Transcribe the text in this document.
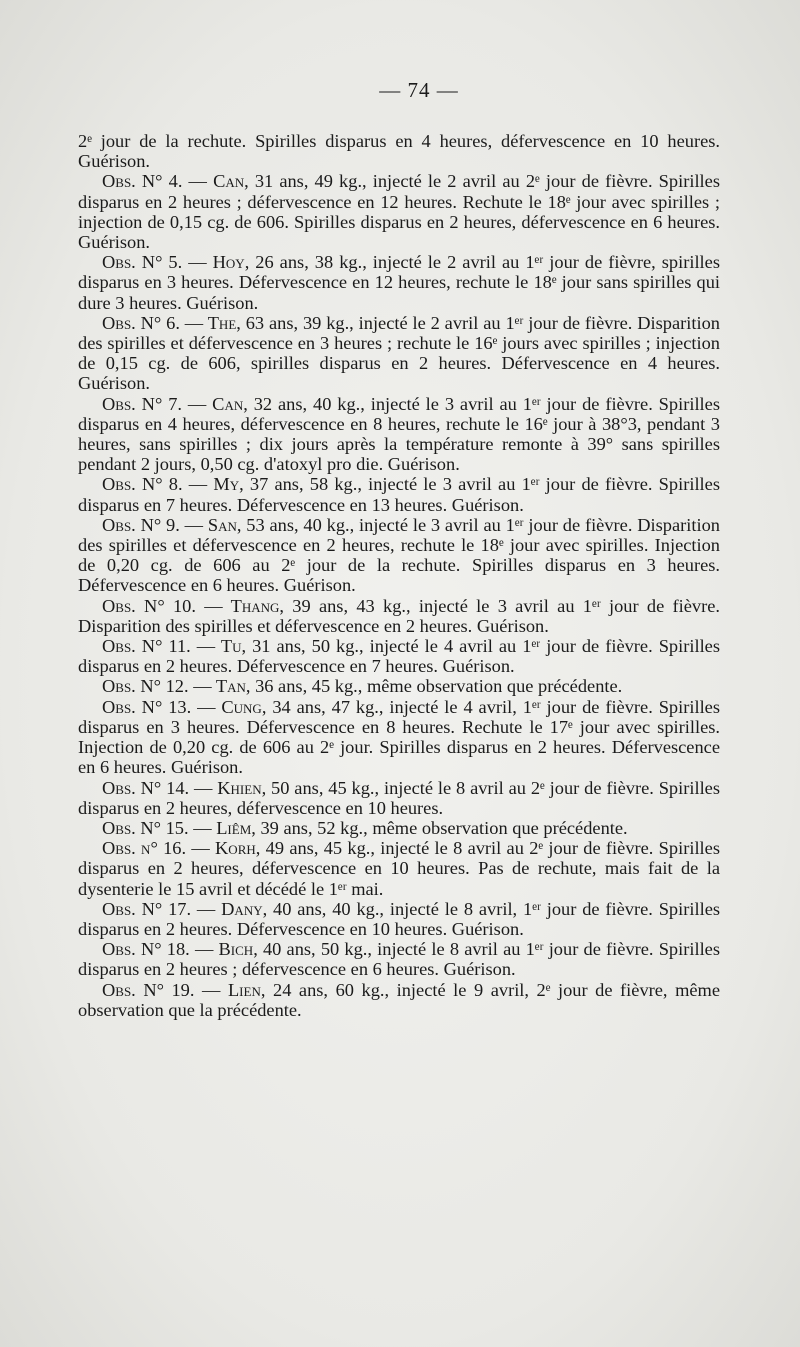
— 74 —

2ᵉ jour de la rechute. Spirilles disparus en 4 heures, défervescence en 10 heures. Guérison.

Obs. N° 4. — Can, 31 ans, 49 kg., injecté le 2 avril au 2ᵉ jour de fièvre. Spirilles disparus en 2 heures ; défervescence en 12 heures. Rechute le 18ᵉ jour avec spirilles ; injection de 0,15 cg. de 606. Spirilles disparus en 2 heures, défervescence en 6 heures. Guérison.

Obs. N° 5. — Hoy, 26 ans, 38 kg., injecté le 2 avril au 1ᵉʳ jour de fièvre, spirilles disparus en 3 heures. Défervescence en 12 heures, rechute le 18ᵉ jour sans spirilles qui dure 3 heures. Guérison.

Obs. N° 6. — The, 63 ans, 39 kg., injecté le 2 avril au 1ᵉʳ jour de fièvre. Disparition des spirilles et défervescence en 3 heures ; rechute le 16ᵉ jours avec spirilles ; injection de 0,15 cg. de 606, spirilles disparus en 2 heures. Défervescence en 4 heures. Guérison.

Obs. N° 7. — Can, 32 ans, 40 kg., injecté le 3 avril au 1ᵉʳ jour de fièvre. Spirilles disparus en 4 heures, défervescence en 8 heures, rechute le 16ᵉ jour à 38°3, pendant 3 heures, sans spirilles ; dix jours après la température remonte à 39° sans spirilles pendant 2 jours, 0,50 cg. d'atoxyl pro die. Guérison.

Obs. N° 8. — My, 37 ans, 58 kg., injecté le 3 avril au 1ᵉʳ jour de fièvre. Spirilles disparus en 7 heures. Défervescence en 13 heures. Guérison.

Obs. N° 9. — San, 53 ans, 40 kg., injecté le 3 avril au 1ᵉʳ jour de fièvre. Disparition des spirilles et défervescence en 2 heures, rechute le 18ᵉ jour avec spirilles. Injection de 0,20 cg. de 606 au 2ᵉ jour de la rechute. Spirilles disparus en 3 heures. Défervescence en 6 heures. Guérison.

Obs. N° 10. — Thang, 39 ans, 43 kg., injecté le 3 avril au 1ᵉʳ jour de fièvre. Disparition des spirilles et défervescence en 2 heures. Guérison.

Obs. N° 11. — Tu, 31 ans, 50 kg., injecté le 4 avril au 1ᵉʳ jour de fièvre. Spirilles disparus en 2 heures. Défervescence en 7 heures. Guérison.

Obs. N° 12. — Tan, 36 ans, 45 kg., même observation que précédente.

Obs. N° 13. — Cung, 34 ans, 47 kg., injecté le 4 avril, 1ᵉʳ jour de fièvre. Spirilles disparus en 3 heures. Défervescence en 8 heures. Rechute le 17ᵉ jour avec spirilles. Injection de 0,20 cg. de 606 au 2ᵉ jour. Spirilles disparus en 2 heures. Défervescence en 6 heures. Guérison.

Obs. N° 14. — Khien, 50 ans, 45 kg., injecté le 8 avril au 2ᵉ jour de fièvre. Spirilles disparus en 2 heures, défervescence en 10 heures.

Obs. N° 15. — Liêm, 39 ans, 52 kg., même observation que précédente.

Obs. n° 16. — Korh, 49 ans, 45 kg., injecté le 8 avril au 2ᵉ jour de fièvre. Spirilles disparus en 2 heures, défervescence en 10 heures. Pas de rechute, mais fait de la dysenterie le 15 avril et décédé le 1ᵉʳ mai.

Obs. N° 17. — Dany, 40 ans, 40 kg., injecté le 8 avril, 1ᵉʳ jour de fièvre. Spirilles disparus en 2 heures. Défervescence en 10 heures. Guérison.

Obs. N° 18. — Bich, 40 ans, 50 kg., injecté le 8 avril au 1ᵉʳ jour de fièvre. Spirilles disparus en 2 heures ; défervescence en 6 heures. Guérison.

Obs. N° 19. — Lien, 24 ans, 60 kg., injecté le 9 avril, 2ᵉ jour de fièvre, même observation que la précédente.
